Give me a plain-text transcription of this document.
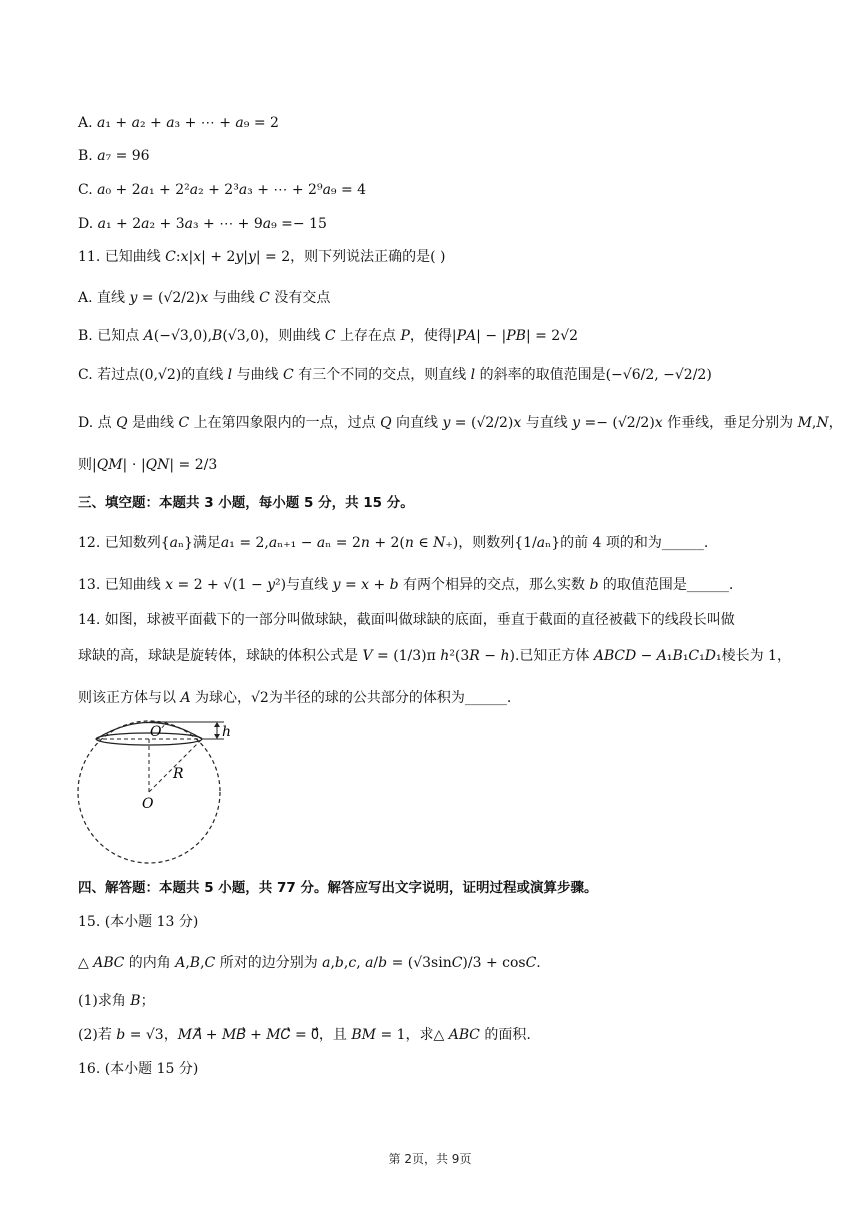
A. 𝑎₁ + 𝑎₂ + 𝑎₃ + ⋯ + 𝑎₉ = 2
B. 𝑎₇ = 96
C. 𝑎₀ + 2𝑎₁ + 2²𝑎₂ + 2³𝑎₃ + ⋯ + 2⁹𝑎₉ = 4
D. 𝑎₁ + 2𝑎₂ + 3𝑎₃ + ⋯ + 9𝑎₉ =− 15
11. 已知曲线 𝐶:𝑥|𝑥| + 2𝑦|𝑦| = 2，则下列说法正确的是( )
A. 直线 𝑦 = (√2/2)𝑥 与曲线 𝐶 没有交点
B. 已知点 𝐴(−√3,0),𝐵(√3,0)，则曲线 𝐶 上存在点 𝑃，使得|𝑃𝐴| − |𝑃𝐵| = 2√2
C. 若过点(0,√2)的直线 𝑙 与曲线 𝐶 有三个不同的交点，则直线 𝑙 的斜率的取值范围是(−√6/2, −√2/2)
D. 点 𝑄 是曲线 𝐶 上在第四象限内的一点，过点 𝑄 向直线 𝑦 = (√2/2)𝑥 与直线 𝑦 =− (√2/2)𝑥 作垂线，垂足分别为 𝑀,𝑁，
则|𝑄𝑀| ⋅ |𝑄𝑁| = 2/3
三、填空题：本题共 3 小题，每小题 5 分，共 15 分。
12. 已知数列{𝑎ₙ}满足𝑎₁ = 2,𝑎ₙ₊₁ − 𝑎ₙ = 2𝑛 + 2(𝑛 ∈ 𝑁₊)，则数列{1/𝑎ₙ}的前 4 项的和为______.
13. 已知曲线 𝑥 = 2 + √(1 − 𝑦²)与直线 𝑦 = 𝑥 + 𝑏 有两个相异的交点，那么实数 𝑏 的取值范围是______.
14. 如图，球被平面截下的一部分叫做球缺，截面叫做球缺的底面，垂直于截面的直径被截下的线段长叫做
球缺的高，球缺是旋转体，球缺的体积公式是 𝑉 = (1/3)π ℎ²(3𝑅 − ℎ).已知正方体 𝐴𝐵𝐶𝐷 − 𝐴₁𝐵₁𝐶₁𝐷₁棱长为 1，
则该正方体与以 𝐴 为球心，√2为半径的球的公共部分的体积为______.
O′
R
O
h
四、解答题：本题共 5 小题，共 77 分。解答应写出文字说明，证明过程或演算步骤。
15. (本小题 13 分)
△ 𝐴𝐵𝐶 的内角 𝐴,𝐵,𝐶 所对的边分别为 𝑎,𝑏,𝑐, 𝑎/𝑏 = (√3sin𝐶)/3 + cos𝐶.
(1)求角 𝐵；
(2)若 𝑏 = √3，𝑀𝐴⃗ + 𝑀𝐵⃗ + 𝑀𝐶⃗ = 0⃗，且 𝐵𝑀 = 1，求△ 𝐴𝐵𝐶 的面积.
16. (本小题 15 分)
第 2页，共 9页
